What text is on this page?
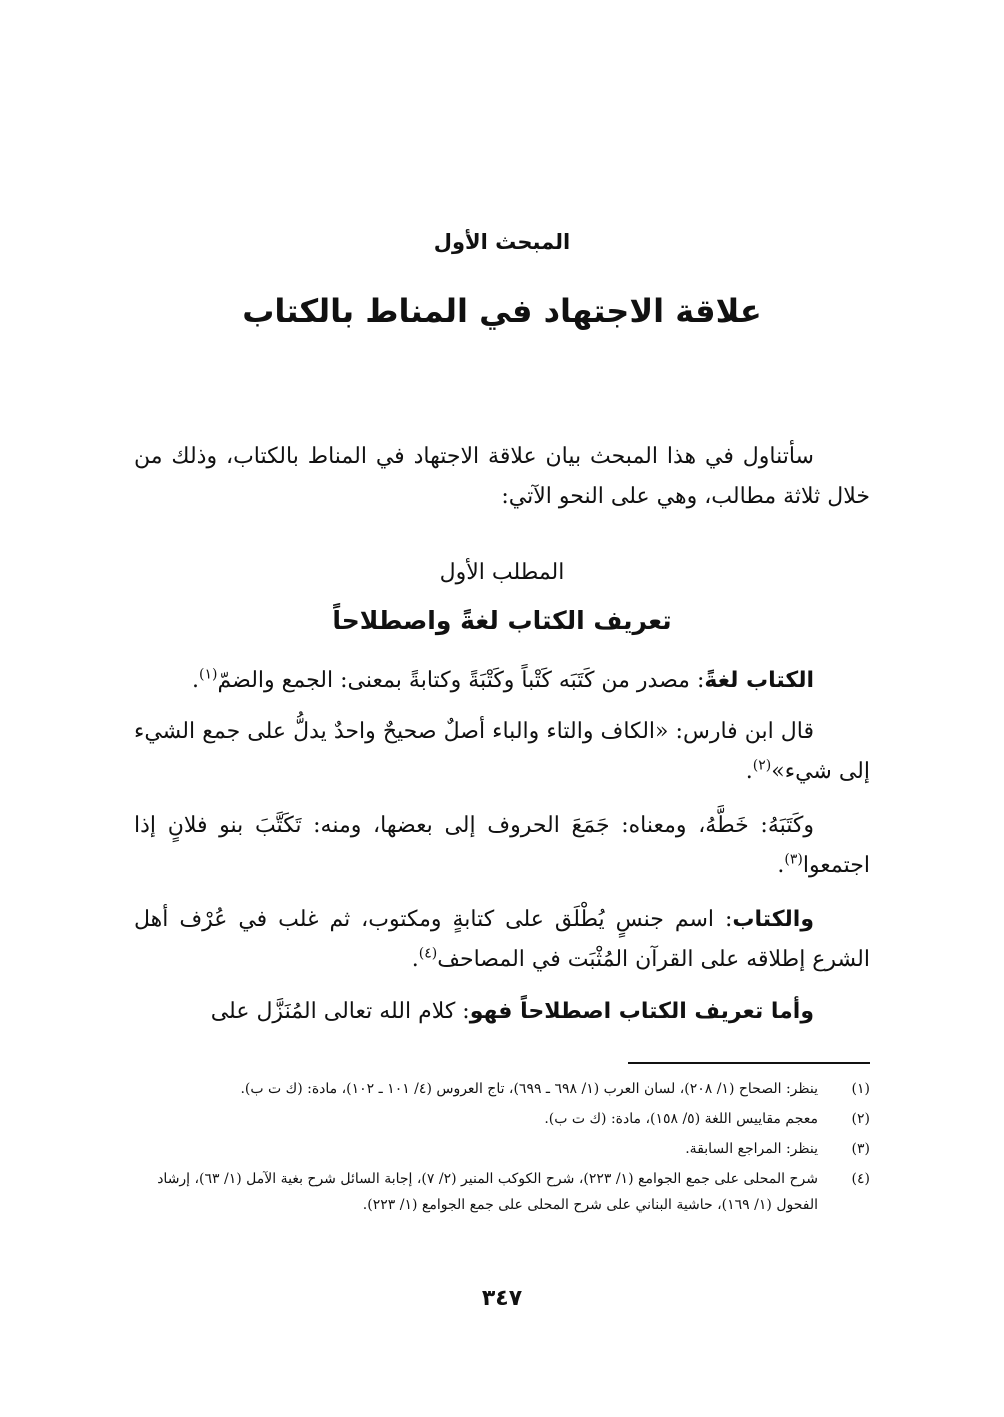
المبحث الأول
علاقة الاجتهاد في المناط بالكتاب
سأتناول في هذا المبحث بيان علاقة الاجتهاد في المناط بالكتاب، وذلك من خلال ثلاثة مطالب، وهي على النحو الآتي:
المطلب الأول
تعريف الكتاب لغةً واصطلاحاً
الكتاب لغةً: مصدر من كَتَبَه كَتْباً وكَتْبَةً وكتابةً بمعنى: الجمع والضمّ$^{(١)}$.
قال ابن فارس: «الكاف والتاء والباء أصلٌ صحيحٌ واحدٌ يدلُّ على جمع الشيء إلى شيء»$^{(٢)}$.
وكَتَبَهُ: خَطَّهُ، ومعناه: جَمَعَ الحروف إلى بعضها، ومنه: تَكَتَّبَ بنو فلانٍ إذا اجتمعوا$^{(٣)}$.
والكتاب: اسم جنسٍ يُطْلَق على كتابةٍ ومكتوب، ثم غلب في عُرْف أهل الشرع إطلاقه على القرآن المُثْبَت في المصاحف$^{(٤)}$.
وأما تعريف الكتاب اصطلاحاً فهو: كلام الله تعالى المُنَزَّل على
(١)
ينظر: الصحاح (١/ ٢٠٨)، لسان العرب (١/ ٦٩٨ ـ ٦٩٩)، تاج العروس (٤/ ١٠١ ـ ١٠٢)، مادة: (ك ت ب).
(٢)
معجم مقاييس اللغة (٥/ ١٥٨)، مادة: (ك ت ب).
(٣)
ينظر: المراجع السابقة.
(٤)
شرح المحلى على جمع الجوامع (١/ ٢٢٣)، شرح الكوكب المنير (٢/ ٧)، إجابة السائل شرح بغية الآمل (١/ ٦٣)، إرشاد الفحول (١/ ١٦٩)، حاشية البناني على شرح المحلى على جمع الجوامع (١/ ٢٢٣).
٣٤٧
